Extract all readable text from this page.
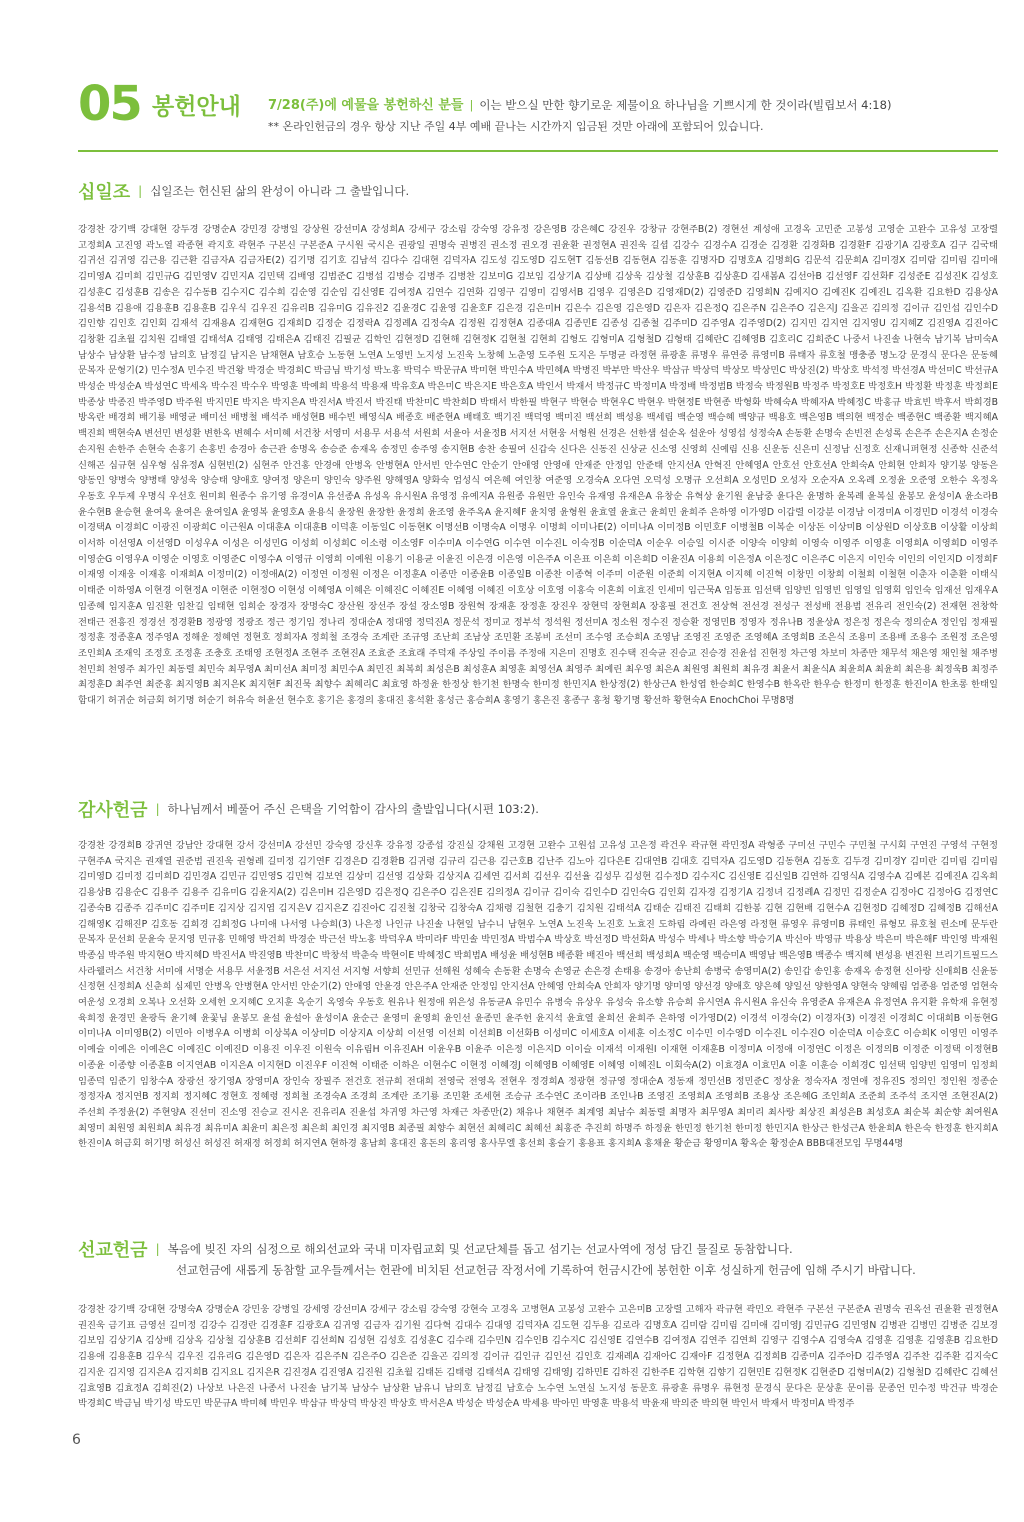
05 봉헌안내 7/28(주)에 예물을 봉헌하신 분들 | 이는 받으실 만한 향기로운 제물이요 하나님을 기쁘시게 한 것이라(빌립보서 4:18)
** 온라인헌금의 경우 항상 지난 주일 4부 예배 끝나는 시간까지 입금된 것만 아래에 포함되어 있습니다.
십일조 | 십일조는 헌신된 삶의 완성이 아니라 그 출발입니다.
강경찬 강기백 강대현 강두경 강명순A 강민경 강병일 강상원 강선미A 강성희A 강세구 강소림 강숙영 강유정 강은영B 강은혜C 강진우 강창규 강현주B(2) 경현선 계성애 고경옥 고민준 고봉성 고영순 고완수 고유성 고장렬 고정희A 고진영 곽노열 곽종현 곽지호 곽현주 구본신 구본준A 구시원 국시은 권광일 권명숙 권병진 권소정 권오경 권윤환 권정현A 권진욱 길셥 김강수 김경수A 김경순 김경환 김경화B 김경환F 김광기A 김광호A 김구 김국태 김귀선 김귀영 김근용 김근환 김금자A 김금자E(2) 김기명 김기호 김남석 김다수 김대현 김덕자A 김도성 김도영D 김도현T 김동선B 김동현A 김동훈 김명자D 김명호A 김명희G 김문석 김문희A 김미경X 김미람 김미림 김미애 김미영A 김미희 김민규G 김민영V 김민지A 김민택 김배영 김범준C 김병섭 김병승 김병주 김병찬 김보미G 김보임 김상기A 김상배 김상욱 김상철 김상훈B 김상훈D 김새봄A 김선아B 김선영F 김선화F 김성준E 김성진K 김성호 김성훈C 김성훈B 김송은 김수동B 김수지C 김수희 김순영 김순임 김신영E 김여정A 김연수 김연화 김영구 김영미 김영서B 김영우 김영은D 김영재D(2) 김영준D 김영희N 김예지O 김예진K 김예진L 김옥환 김요한D 김용상A 김용석B 김용애 김용훈B 김용훈B 김우식 김우진 김유리B 김유미G 김유진2 김윤경C 김윤영 김윤호F 김은경 김은미H 김은수 김은영 김은영D 김은자 김은정Q 김은주N 김은주O 김은지J 김을곤 김의정 김이규 김인섭 김인수D 김인향 김인호 김인회 김재석 김재용A 김재현G 김재희D 김정순 김정락A 김정례A 김정숙A 김정원 김정현A 김종대A 김종민E 김종성 김종철 김주미D 김주영A 김주영D(2) 김지민 김지연 김지영U 김지혜Z 김진영A 김진아C 김창환 김초월 김치원 김태열 김태석A 김태영 김태은A 김태진 김필균 김학인 김현정D 김현해 김현정K 김현철 김현희 김형도 김형미A 김형철D 김형태 김혜란C 김혜영B 김호리C 김희준C 나중서 나진솔 나현숙 남기복 남미숙A 남상수 남상환 남수정 남의호 남정길 남지은 남채현A 남호승 노동현 노연A 노영빈 노지성 노진욱 노창혜 노춘영 도주원 도지은 두명균 라정현 류광훈 류명우 류연중 류영미B 류태자 류호철 맹충종 명노강 문경식 문다은 문동혜 문복자 문형기(2) 민수정A 민수진 박건왕 박경순 박경희C 박금님 박기성 박노홍 박덕수 박문규A 박미현 박민수A 박민혜A 박병진 박부만 박산우 박삼규 박상덕 박상모 박상민C 박상진(2) 박상호 박석정 박선경A 박선미C 박선규A 박성순 박성순A 박성연C 박세옥 박수진 박수우 박영훈 박예희 박용석 박용재 박유호A 박은미C 박은지E 박은호A 박인서 박재서 박정규C 박정미A 박정배 박정범B 박정숙 박정원B 박정주 박정호E 박정호H 박정환 박정훈 박정희E 박종상 박종진 박주영D 박주원 박지민E 박지은 박지은A 박진서A 박진서 박진태 박찬미C 박찬희D 박태서 박한필 박현구 박현승 박현우C 박현우 박현정E 박현종 박형화 박혜숙A 박혜자A 박혜정C 박홍규 박효빈 박후서 박희경B 방옥란 배경희 배기룡 배영균 배미선 배병철 배석주 배성현B 배수빈 배영식A 배종호 배준현A 배태호 백기진 백덕영 백미진 백선희 백성용 백세림 백순영 백승혜 백양규 백용호 백은영B 백의현 백정순 백종현C 백종환 백지혜A 백진희 백현숙A 변선민 변성환 변한옥 변혜수 서미혜 서건창 서영미 서용무 서용석 서원희 서윤아 서윤정B 서지선 서현웅 서형원 선경은 선한샘 설순옥 설운아 성영섭 성정숙A 손동환 손명숙 손빈전 손성록 손은주 손은지A 손정순 손지원 손한주 손현숙 손홍기 손홍빈 송경아 송근관 송명옥 송승준 송재옥 송정민 송주영 송지현B 송찬 송필여 신갑숙 신다은 신동진 신상균 신소영 신영희 신예림 신용 신운동 신은미 신정남 신정호 신재니퍼현정 신종학 신준석 신해곤 심규현 심우형 심유정A 심현빈(2) 심현주 안건홍 안경애 안병옥 안병현A 안서빈 안수연C 안순기 안애영 안영애 안재준 안정임 안준태 안지선A 안혁진 안혜영A 안호선 안호선A 안희숙A 안희현 안희자 양기봉 양동은 양동인 양병숙 양병태 양성욱 양승태 양애호 양여정 양은미 양인숙 양주원 양해영A 양화숙 엄성식 여은혜 여인창 여준영 오경숙A 오다연 오덕성 오명규 오선희A 오성민D 오성자 오순자A 오옥례 오정윤 오준영 오한수 옥정옥 우동호 우두제 우명식 우선호 원미희 원종수 유기영 유경이A 유선종A 유성옥 유시원A 유영정 유예지A 유원종 유원만 유인숙 유재영 유재은A 유창순 유혁상 윤기원 윤남중 윤다은 윤명하 윤복례 윤복실 윤봉모 윤성이A 윤소라B 윤수현B 윤승현 윤여옥 윤여은 윤여일A 윤영복 윤영호A 윤용식 윤장원 윤장한 윤정희 윤조영 윤주옥A 윤지혜F 윤치영 윤형원 윤효열 윤효근 윤희민 윤희주 은하영 이가영D 이갑렬 이강분 이경남 이경미A 이경민D 이경석 이경숙 이경택A 이경희C 이광진 이광희C 이근원A 이대훈A 이대훈B 이덕훈 이동일C 이동현K 이명선B 이명숙A 이명우 이명희 이미나E(2) 이미나A 이미정B 이민호F 이병철B 이복순 이상돈 이상미B 이상원D 이상호B 이상활 이상희 이서하 이선영A 이선영D 이성우A 이성은 이성민G 이성희 이성희C 이소령 이소영F 이수미A 이수연G 이수연 이수진L 이숙정B 이순덕A 이순우 이승일 이시준 이양숙 이양희 이영숙 이영주 이영훈 이영희A 이영희D 이영주 이영순G 이영우A 이영순 이영호 이영준C 이영수A 이영규 이영희 이예원 이용기 이용균 이윤진 이은경 이은영 이은주A 이은표 이은희 이은희D 이윤진A 이용희 이은정A 이은정C 이은주C 이은지 이인숙 이인의 이인지D 이정희F 이재영 이재웅 이재홍 이재희A 이정미(2) 이정애A(2) 이정연 이정원 이정은 이정훈A 이종만 이종윤B 이종일B 이종찬 이종혁 이주미 이준원 이준희 이지현A 이지혜 이진혁 이창민 이창희 이철희 이철현 이춘자 이춘환 이태식 이태준 이하영A 이현경 이현정A 이현준 이현정O 이현성 이혜영A 이혜은 이혜진C 이혜진E 이혜영 이혜진 이호상 이호영 이홍숙 이혼희 이효진 인세미 임근묵A 임동표 임선택 임양빈 임영빈 임영일 임영회 임인숙 임재선 임재우A 임종혜 임지훈A 임진환 임찬길 임태현 임희순 장경자 장명숙C 장산원 장선주 장설 장소영B 장원혁 장재훈 장정훈 장진우 장현덕 장현희A 장홍필 전건호 전상혁 전선경 전성구 전성배 전용범 전유리 전인숙(2) 전재현 전창학 전태근 전흥진 정경선 정경환B 정광영 정광조 정근 정기임 정나리 정대순A 정대영 정덕진A 정문석 정미교 정부석 정석원 정선미A 정소원 정수진 정승환 정영민B 정영자 정유나B 정윤상A 정은정 정은숙 정의순A 정인임 정재필 정정훈 정종훈A 정주영A 정해운 정혜연 정현호 정희자A 정희철 조경숙 조계란 조규영 조난희 조남상 조민환 조봉비 조선미 조수영 조승희A 조영남 조영진 조영준 조영혜A 조영희B 조은식 조용미 조용배 조용수 조원정 조은영 조인희A 조재익 조정호 조정훈 조충호 조태영 조현정A 조현주 조현진A 조효준 조효래 주덕재 주상일 주이름 주정애 지은미 진명호 진수택 진숙균 진승교 진승경 진윤섭 진현정 차근영 차보미 차종만 채무석 채은영 채인철 채주병 천민희 천영주 최가인 최동렬 최민숙 최무영A 최미선A 최미정 최민수A 최민진 최복희 최성은B 최성훈A 최영훈 최영선A 최영주 최예린 최우영 최은A 최원영 최원희 최유경 최윤서 최윤식A 최윤희A 최윤희 최은용 최정욱B 최정주 최정훈D 최주연 최준홍 최지영B 최지은K 최지현F 최진묵 최향수 최혜리C 최효영 하정윤 한정상 한기천 한명숙 한미정 한민지A 한상정(2) 한상근A 한성엽 한승희C 한영수B 한옥란 한우승 한정미 한정훈 한진이A 한초롱 한태일 함대기 허귀순 허금회 허기명 허순기 허유숙 허윤선 현수호 홍기은 홍경의 홍대진 홍석환 홍성근 홍승희A 홍영기 홍은진 홍종구 홍청 황기명 황선하 황현숙A EnochChoi 무명8명
감사헌금 | 하나님께서 베풀어 주신 은택을 기억함이 감사의 출발입니다(시편 103:2).
강경찬 강경희B 강귀연 강남안 강대현 강서 강선미A 강선민 강숙영 강신후 강유정 강종섭 강진실 강채원 고경현 고완수 고원섭 고유성 고은정 곽건우 곽규현 곽민정A 곽형종 구미선 구민수 구민철 구시회 구연진 구영석 구현정 구현주A 국지은 권재열 권준범 권진욱 권형례 길미정 김기연F 김경은D 김경환B 김귀령 김규리 김근용 김근호B 김난주 김노아 김다은E 김대연B 김대호 김덕자A 김도영D 김동현A 김동호 김두경 김미경Y 김미란 김미림 김미림 김미영D 김미정 김미희D 김민경A 김민규 김민영S 김민혁 김보연 김상미 김선영 김상화 김상지A 김세연 김서희 김선우 김선율 김성무 김성현 김수정D 김수지C 김신영E 김신일B 김연하 김영식A 김영수A 김예본 김예진A 김옥희 김용상B 김용순C 김용주 김용주 김유미G 김윤지A(2) 김은미H 김은영D 김은정Q 김은주O 김은진E 김의정A 김이규 김이숙 김인수D 김인숙G 김인회 김자경 김정기A 김정녀 김정례A 김정민 김정순A 김정아C 김정아G 김정연C 김종숙B 김종주 김주미C 김주미E 김지상 김지엽 김지은V 김지은Z 김진아C 김진철 김창국 김창숙A 김채령 김철현 김충기 김치원 김태석A 김태순 김태진 김태희 김한봉 김현 김현배 김현수A 김현정D 김혜정D 김혜정B 김해선A 김해영K 김해진P 김호동 김희경 김희정G 나미애 나서영 나승희(3) 나은정 나인규 나진솔 나현일 남수니 남현우 노연A 노진욱 노진호 노효진 도하림 라예린 라은영 라정현 류영우 류영미B 류태인 류형모 류호철 린소메 문두란 문복자 문선희 문윤숙 문지영 민규홍 민해영 박건희 박경순 박근선 박노홍 박덕우A 박미라F 박민솔 박민정A 박범수A 박상호 박선정D 박선화A 박성수 박세나 박소향 박승기A 박신아 박영규 박용상 박은미 박은해F 박인영 박재원 박종심 박주원 박지현O 박지혜D 박진서A 박진영B 박찬미C 박창석 박춘숙 박현이E 박혜정C 박희범A 배성윤 배성현B 배종환 배진아 백선희 백성희A 백순영 백승미A 백영남 백은영B 백종수 백지혜 변성용 변진원 브리기트필드스 사라웰러스 서건창 서미애 서명순 서용무 서윤정B 서은선 서지선 서지형 서향희 선민규 선해원 성혜숙 손동환 손명숙 손영균 손은경 손태용 송경아 송난희 송병국 송영미A(2) 송인갑 송인홍 송재옥 송정현 신아랑 신애희B 신윤동 신정현 신정희A 신춘희 심제민 안병옥 안병현A 안서빈 안순기(2) 안애영 안윤경 안은주A 안재준 안정임 안지선A 안혜영 안희숙A 안희자 양기명 양미영 양선경 양애호 양은혜 양일선 양한영A 양현숙 양혜림 엄종용 엄준영 엄현숙 여운성 오경희 오복나 오선화 오세헌 오지혜C 오지훈 옥순기 옥영숙 우동호 원유나 원정애 위은성 유동균A 유민수 유병숙 유상우 유성숙 유소향 유승희 유시연A 유시원A 유신숙 유영준A 유재은A 유정연A 유지환 유학재 유현정 육희정 윤경민 윤광득 윤기혜 윤꽃님 윤봉모 윤설 윤설아 윤성이A 윤순근 윤영미 윤영희 윤인선 윤종민 윤주헌 윤지석 윤효열 윤희선 윤희주 은하영 이가영D(2) 이경석 이경숙(2) 이경자(3) 이경진 이경희C 이대희B 이동현G 이미나A 이미영B(2) 이민아 이병우A 이병희 이상복A 이상미D 이상지A 이상희 이선영 이선희 이선희B 이선화B 이성미C 이세호A 이세훈 이소정C 이수민 이수영D 이수진L 이수진O 이순덕A 이승호C 이승희K 이영민 이영주 이예슬 이예은 이예은C 이예진C 이예진D 이용진 이우진 이원숙 이유림H 이유진AH 이윤우B 이윤주 이은정 이은지D 이이슬 이재석 이재원I 이재현 이재훈B 이정미A 이정애 이정연C 이정은 이정의B 이정준 이정택 이정현B 이종윤 이종향 이종훈B 이지연AB 이지은A 이지현D 이진우F 이진혁 이태준 이하은 이현수C 이현정 이혜경J 이혜영B 이혜영E 이혜영 이혜진L 이회숙A(2) 이효경A 이효민A 이훈 이훈승 이희경C 임선택 임양빈 임영미 임정희 임종덕 임준기 임창수A 장광선 장기영A 장영미A 장인숙 장필주 전건호 전규희 전대희 전영국 전영옥 전현우 정경희A 정광현 정규영 정대순A 정동재 정민선B 정민준C 정상윤 정숙자A 정연애 정유진S 정의인 정인원 정종순 정정자A 정지연B 정지희 정지혜C 정현호 정혜령 정희철 조경숙A 조경희 조계란 조기룡 조민환 조세현 조승규 조수연C 조이라B 조인나B 조영진 조영희A 조영희B 조용상 조은혜G 조인희A 조준희 조주석 조지연 조현진A(2) 주선희 주정윤(2) 주현양A 진선미 진소영 진승교 진시온 진유리A 진윤섭 차귀영 차근영 차재근 차종만(2) 채유나 채현주 최계영 최남수 최동렬 최명자 최무영A 최미리 최사랑 최상진 최성은B 최성호A 최순복 최순향 최여원A 최영미 최원영 최원희A 최유경 최유미A 최윤미 최은정 최은희 최인경 최지영B 최종필 최향수 최현선 최혜리C 최혜선 최홍준 추진희 하명주 하정윤 한민정 한기천 한미정 한민지A 한상근 한성근A 한윤희A 한은숙 한정훈 한지희A 한진이A 허금회 허기명 허성신 허성진 허재정 허정희 허지연A 현하경 홍남희 홍대진 홍돈의 홍리영 홍사무엘 홍선희 홍슬기 홍용표 홍지희A 홍채윤 황순금 황영미A 황옥순 황정순A BBB대전모임 무명44명
선교헌금 | 복음에 빚진 자의 심정으로 해외선교와 국내 미자립교회 및 선교단체를 돕고 섬기는 선교사역에 정성 담긴 물질로 동참합니다.
선교헌금에 새롭게 동참할 교우들께서는 헌관에 비치된 선교헌금 작정서에 기록하여 헌금시간에 봉헌한 이후 성실하게 헌금에 임해 주시기 바랍니다.
강경찬 강기백 강대현 강명숙A 강명순A 강민웅 강병일 강세영 강선미A 강세구 강소림 강숙영 강현숙 고경옥 고병현A 고봉성 고완수 고은미B 고장렬 고해자 곽규현 곽민오 곽현주 구본선 구본준A 권명숙 권옥선 권윤환 권정현A 권진욱 금기표 금영선 길미정 김강수 김경란 김경훈F 김광호A 김귀영 김금자 김기원 김다혁 김대수 김대영 김덕자A 김도현 김두용 김로라 김명호A 김미람 김미림 김미애 김미영J 김민규G 김민영N 김병관 김병민 김병준 김보경 김보임 김상기A 김상배 김상옥 김상철 김상훈B 김선희F 김선희N 김성현 김성호 김성훈C 김수래 김수민N 김수인B 김수지C 김신영E 김연수B 김여정A 김연주 김연희 김영구 김영수A 김영숙A 김영훈 김영훈 김영훈B 김요한D 김용애 김용훈B 김우식 김우진 김유리G 김은영D 김은자 김은주N 김은주O 김은준 김을곤 김의정 김이규 김인규 김인선 김인호 김재례A 김재아C 김재아F 김정현A 김정희B 김종미A 김주아D 김주영A 김주찬 김주환 김지숙C 김지운 김지영 김지은A 김지희B 김지요L 김지은R 김진경A 김진영A 김진원 김초월 김태돈 김태령 김태석A 김태영 김태영J 김하민E 김하진 김한주E 김학현 김향기 김현민E 김현정K 김현준D 김형미A(2) 김형철D 김혜란C 김혜선 김효영B 김효정A 김희진(2) 나상보 나은진 나종서 나진솔 남기복 남상수 남상환 남유니 남의호 남정길 남호승 노수연 노연실 노지성 동문호 류광훈 류명우 류현정 문경식 문다은 문상훈 문이름 문종언 민수정 박건규 박경순 박경희C 박금님 박기성 박도민 박문규A 박미혜 박민우 박삼규 박상덕 박상진 박상호 박서은A 박성순 박성순A 박세용 박아민 박영훈 박용석 박윤재 박의준 박의현 박인서 박재서 박정미A 박정주
6
